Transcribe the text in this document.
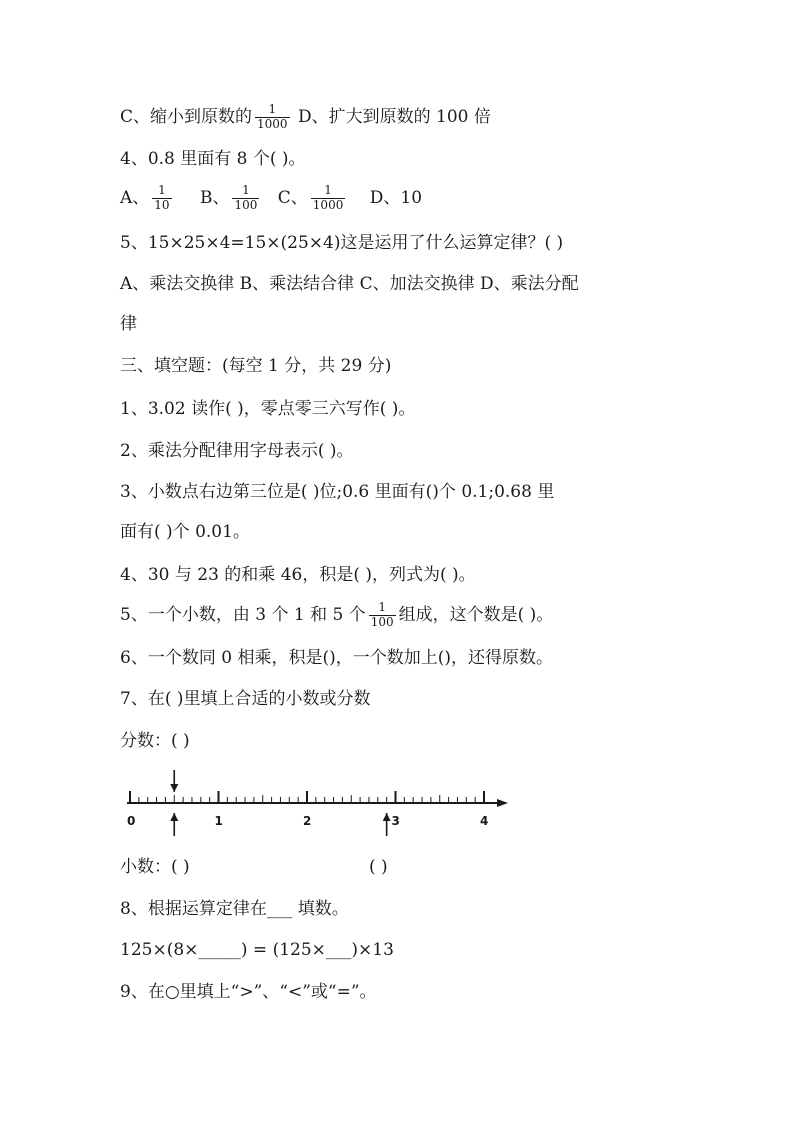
C、缩小到原数的 $\frac{1}{1000}$ D、扩大到原数的 100 倍
4、0.8 里面有 8 个( )。
A、 $\frac{1}{10}$ B、 $\frac{1}{100}$ C、 $\frac{1}{1000}$ D、10
5、15×25×4=15×(25×4)这是运用了什么运算定律？( )
A、乘法交换律 B、乘法结合律 C、加法交换律 D、乘法分配
律
三、填空题：(每空 1 分，共 29 分)
1、3.02 读作( )，零点零三六写作( )。
2、乘法分配律用字母表示( )。
3、小数点右边第三位是( )位;0.6 里面有()个 0.1;0.68 里
面有( )个 0.01。
4、30 与 23 的和乘 46，积是( )，列式为( )。
5、一个小数，由 3 个 1 和 5 个 $\frac{1}{100}$ 组成，这个数是( )。
6、一个数同 0 相乘，积是()，一个数加上()，还得原数。
7、在( )里填上合适的小数或分数
分数：( )
0	1	2	3	4
小数：( )	( )
8、根据运算定律在___ 填数。
125×(8×_____) = (125×___)×13
9、在○里填上“>”、“<”或“=”。
